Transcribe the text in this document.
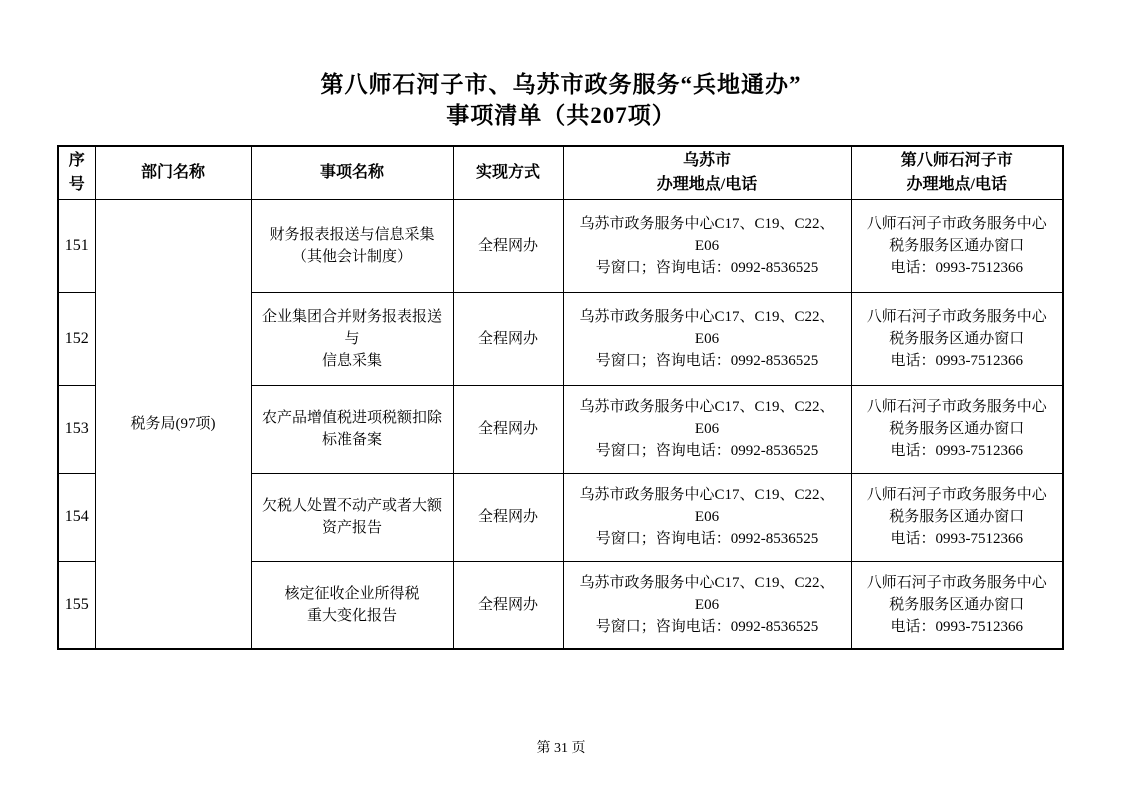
第八师石河子市、乌苏市政务服务“兵地通办”
事项清单（共207项）
序号	部门名称	事项名称	实现方式	乌苏市
办理地点/电话	第八师石河子市
办理地点/电话

151	税务局(97项)	财务报表报送与信息采集
（其他会计制度）	全程网办	乌苏市政务服务中心C17、C19、C22、E06
号窗口；咨询电话：0992-8536525	八师石河子市政务服务中心
税务服务区通办窗口
电话：0993-7512366

152		企业集团合并财务报表报送与
信息采集	全程网办	乌苏市政务服务中心C17、C19、C22、E06
号窗口；咨询电话：0992-8536525	八师石河子市政务服务中心
税务服务区通办窗口
电话：0993-7512366

153		农产品增值税进项税额扣除
标准备案	全程网办	乌苏市政务服务中心C17、C19、C22、E06
号窗口；咨询电话：0992-8536525	八师石河子市政务服务中心
税务服务区通办窗口
电话：0993-7512366

154		欠税人处置不动产或者大额
资产报告	全程网办	乌苏市政务服务中心C17、C19、C22、E06
号窗口；咨询电话：0992-8536525	八师石河子市政务服务中心
税务服务区通办窗口
电话：0993-7512366

155		核定征收企业所得税
重大变化报告	全程网办	乌苏市政务服务中心C17、C19、C22、E06
号窗口；咨询电话：0992-8536525	八师石河子市政务服务中心
税务服务区通办窗口
电话：0993-7512366
第 31 页
